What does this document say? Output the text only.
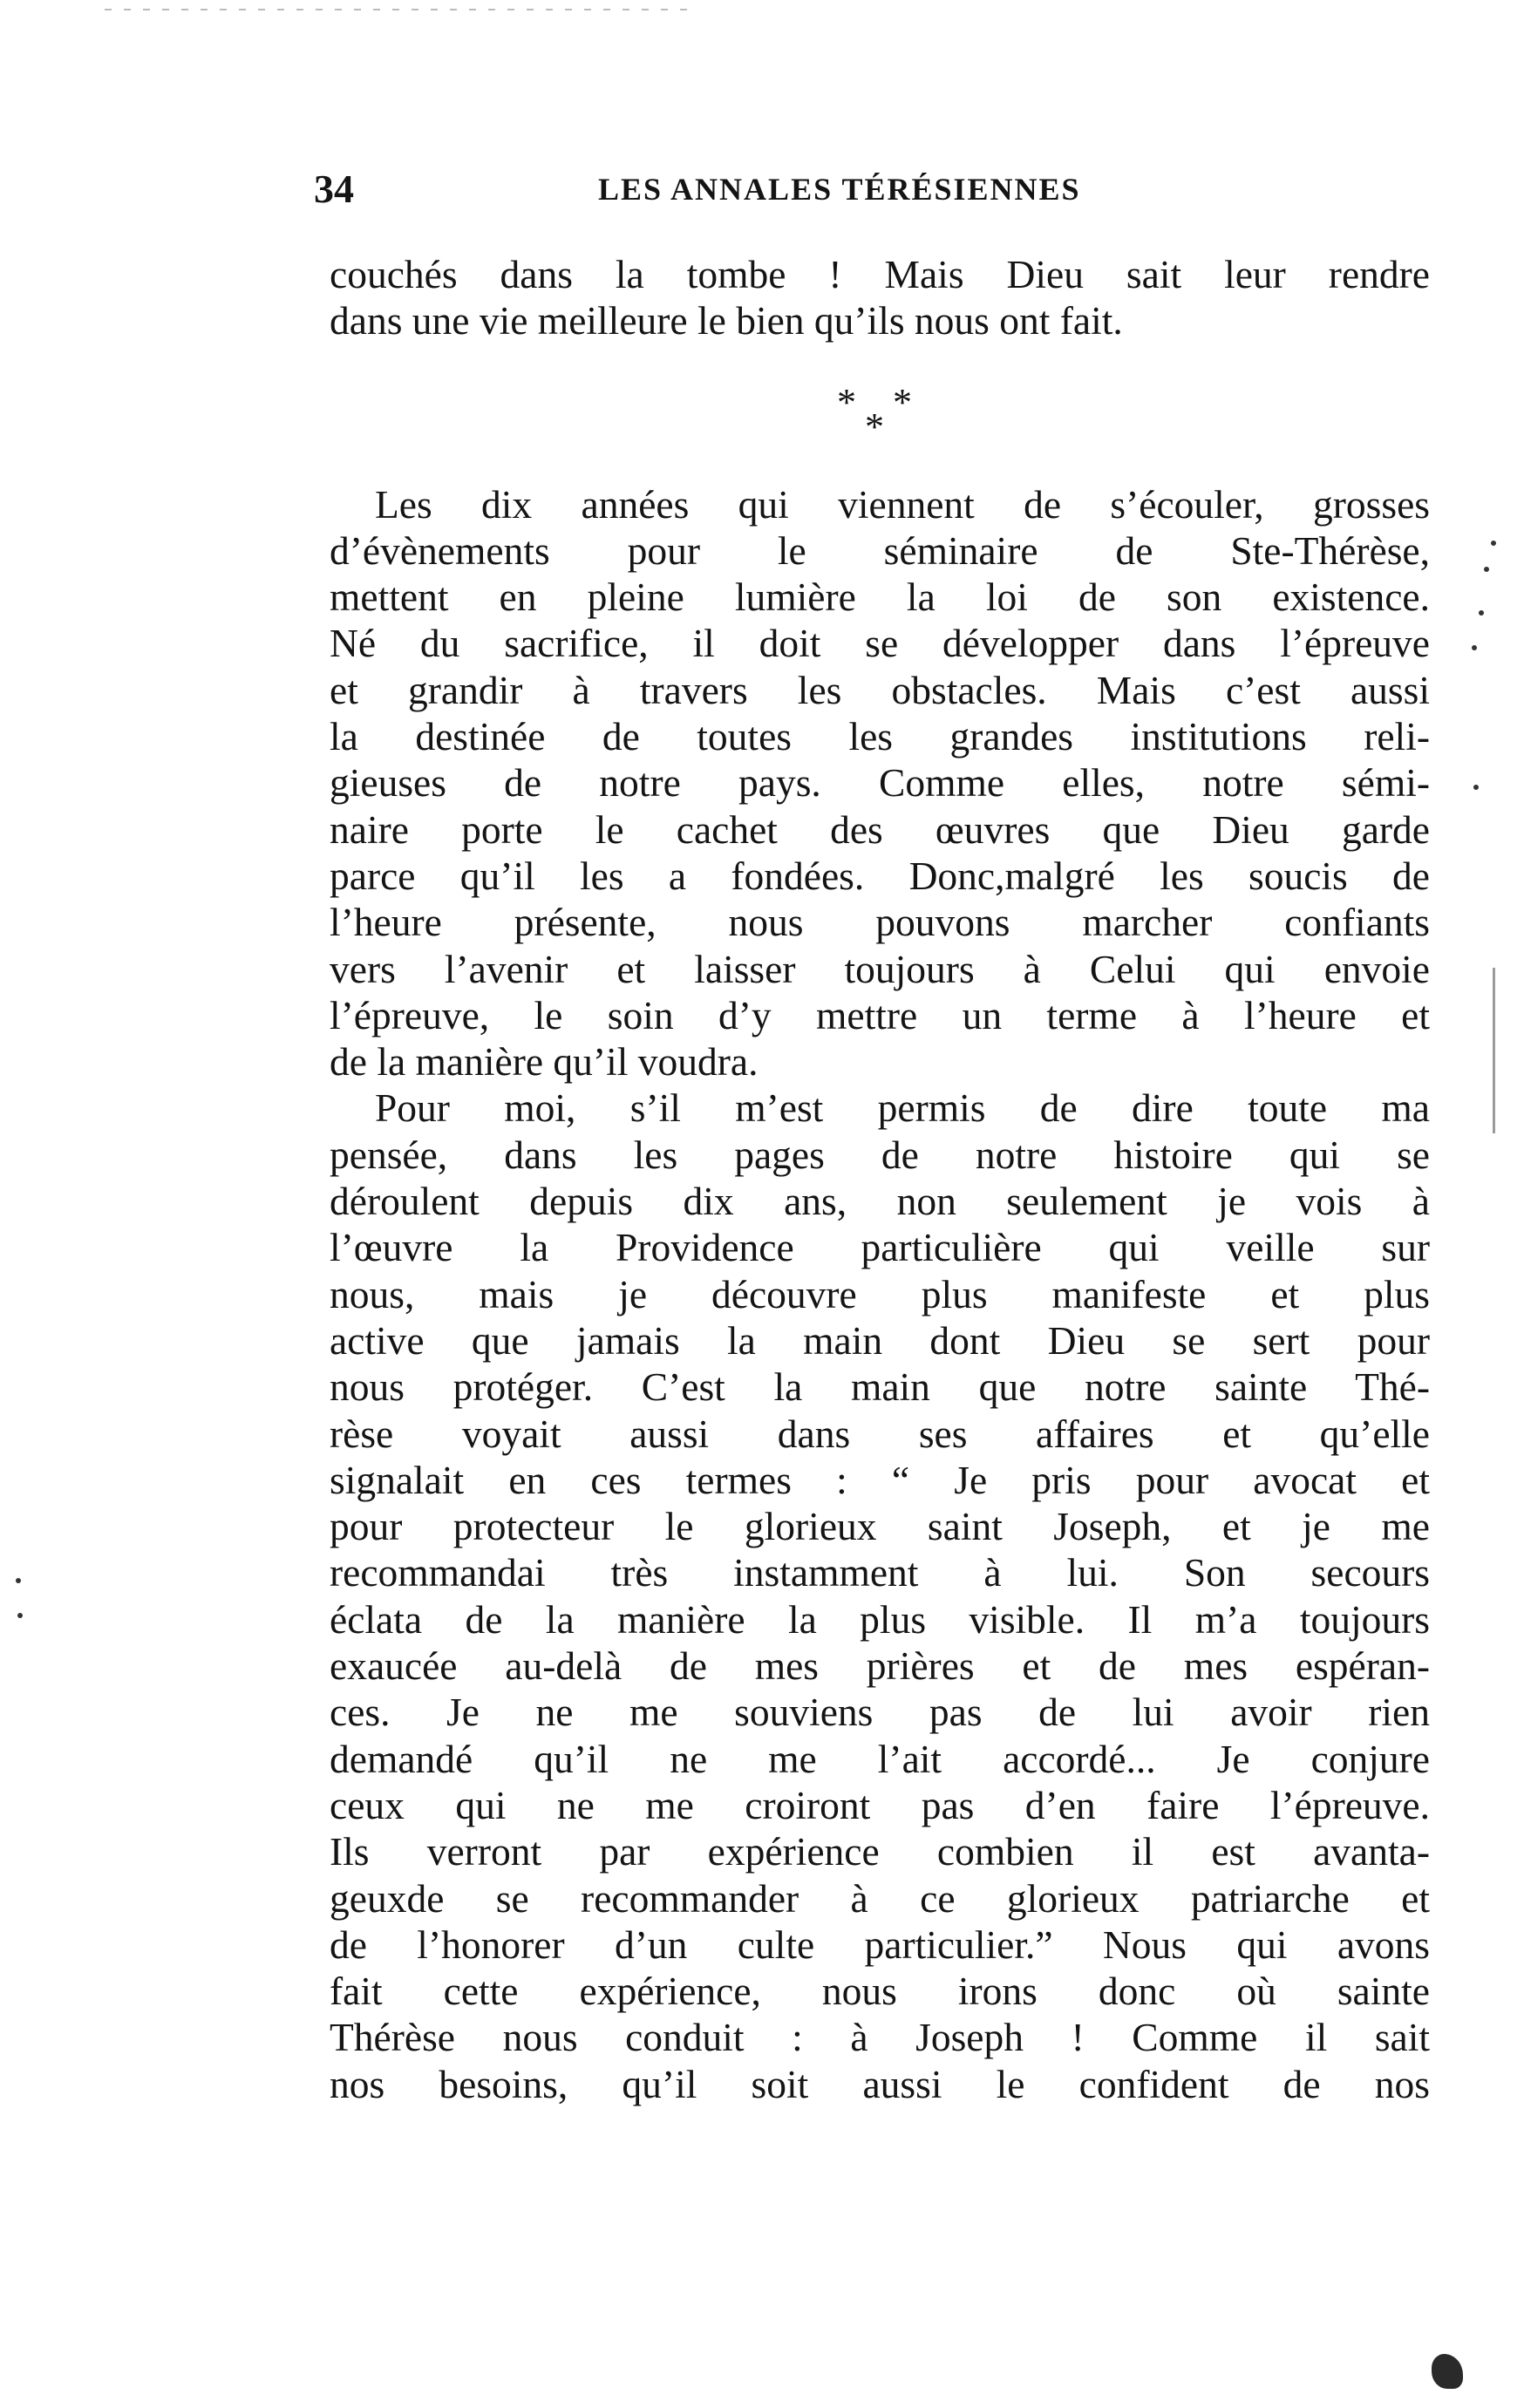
34	LES ANNALES TÉRÉSIENNES
couchés dans la tombe ! Mais Dieu sait leur rendre
dans une vie meilleure le bien qu’ils nous ont fait.
Les dix années qui viennent de s’écouler, grosses
d’évènements pour le séminaire de Ste-Thérèse,
mettent en pleine lumière la loi de son existence.
Né du sacrifice, il doit se développer dans l’épreuve
et grandir à travers les obstacles. Mais c’est aussi
la destinée de toutes les grandes institutions reli-
gieuses de notre pays. Comme elles, notre sémi-
naire porte le cachet des œuvres que Dieu garde
parce qu’il les a fondées. Donc,malgré les soucis de
l’heure présente, nous pouvons marcher confiants
vers l’avenir et laisser toujours à Celui qui envoie
l’épreuve, le soin d’y mettre un terme à l’heure et
de la manière qu’il voudra.
Pour moi, s’il m’est permis de dire toute ma
pensée, dans les pages de notre histoire qui se
déroulent depuis dix ans, non seulement je vois à
l’œuvre la Providence particulière qui veille sur
nous, mais je découvre plus manifeste et plus
active que jamais la main dont Dieu se sert pour
nous protéger. C’est la main que notre sainte Thé-
rèse voyait aussi dans ses affaires et qu’elle
signalait en ces termes : “ Je pris pour avocat et
pour protecteur le glorieux saint Joseph, et je me
recommandai très instamment à lui. Son secours
éclata de la manière la plus visible. Il m’a toujours
exaucée au-delà de mes prières et de mes espéran-
ces. Je ne me souviens pas de lui avoir rien
demandé qu’il ne me l’ait accordé... Je conjure
ceux qui ne me croiront pas d’en faire l’épreuve.
Ils verront par expérience combien il est avanta-
geuxde se recommander à ce glorieux patriarche et
de l’honorer d’un culte particulier.” Nous qui avons
fait cette expérience, nous irons donc où sainte
Thérèse nous conduit : à Joseph ! Comme il sait
nos besoins, qu’il soit aussi le confident de nos
* *
*
